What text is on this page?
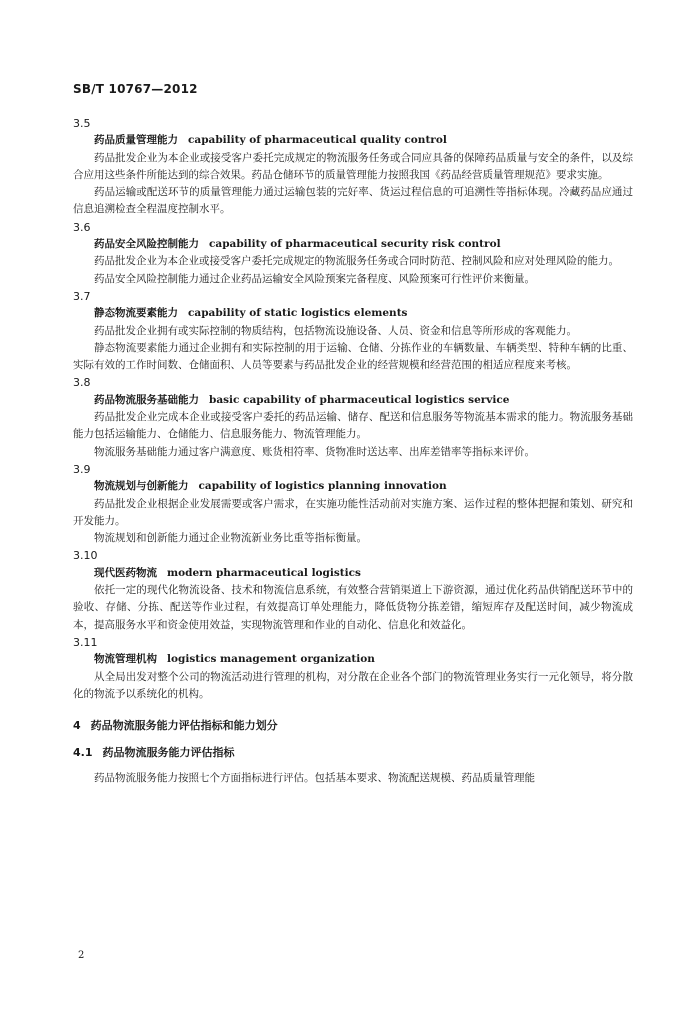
SB/T 10767—2012
3.5
药品质量管理能力 capability of pharmaceutical quality control
药品批发企业为本企业或接受客户委托完成规定的物流服务任务或合同应具备的保障药品质量与安全的条件，以及综合应用这些条件所能达到的综合效果。药品仓储环节的质量管理能力按照我国《药品经营质量管理规范》要求实施。
药品运输或配送环节的质量管理能力通过运输包装的完好率、货运过程信息的可追溯性等指标体现。冷藏药品应通过信息追溯检查全程温度控制水平。
3.6
药品安全风险控制能力 capability of pharmaceutical security risk control
药品批发企业为本企业或接受客户委托完成规定的物流服务任务或合同时防范、控制风险和应对处理风险的能力。
药品安全风险控制能力通过企业药品运输安全风险预案完备程度、风险预案可行性评价来衡量。
3.7
静态物流要素能力 capability of static logistics elements
药品批发企业拥有或实际控制的物质结构，包括物流设施设备、人员、资金和信息等所形成的客观能力。
静态物流要素能力通过企业拥有和实际控制的用于运输、仓储、分拣作业的车辆数量、车辆类型、特种车辆的比重、实际有效的工作时间数、仓储面积、人员等要素与药品批发企业的经营规模和经营范围的相适应程度来考核。
3.8
药品物流服务基础能力 basic capability of pharmaceutical logistics service
药品批发企业完成本企业或接受客户委托的药品运输、储存、配送和信息服务等物流基本需求的能力。物流服务基础能力包括运输能力、仓储能力、信息服务能力、物流管理能力。
物流服务基础能力通过客户满意度、账货相符率、货物准时送达率、出库差错率等指标来评价。
3.9
物流规划与创新能力 capability of logistics planning innovation
药品批发企业根据企业发展需要或客户需求，在实施功能性活动前对实施方案、运作过程的整体把握和策划、研究和开发能力。
物流规划和创新能力通过企业物流新业务比重等指标衡量。
3.10
现代医药物流 modern pharmaceutical logistics
依托一定的现代化物流设备、技术和物流信息系统，有效整合营销渠道上下游资源，通过优化药品供销配送环节中的验收、存储、分拣、配送等作业过程，有效提高订单处理能力，降低货物分拣差错，缩短库存及配送时间，减少物流成本，提高服务水平和资金使用效益，实现物流管理和作业的自动化、信息化和效益化。
3.11
物流管理机构 logistics management organization
从全局出发对整个公司的物流活动进行管理的机构，对分散在企业各个部门的物流管理业务实行一元化领导，将分散化的物流予以系统化的机构。
4 药品物流服务能力评估指标和能力划分
4.1 药品物流服务能力评估指标
药品物流服务能力按照七个方面指标进行评估。包括基本要求、物流配送规模、药品质量管理能
2
